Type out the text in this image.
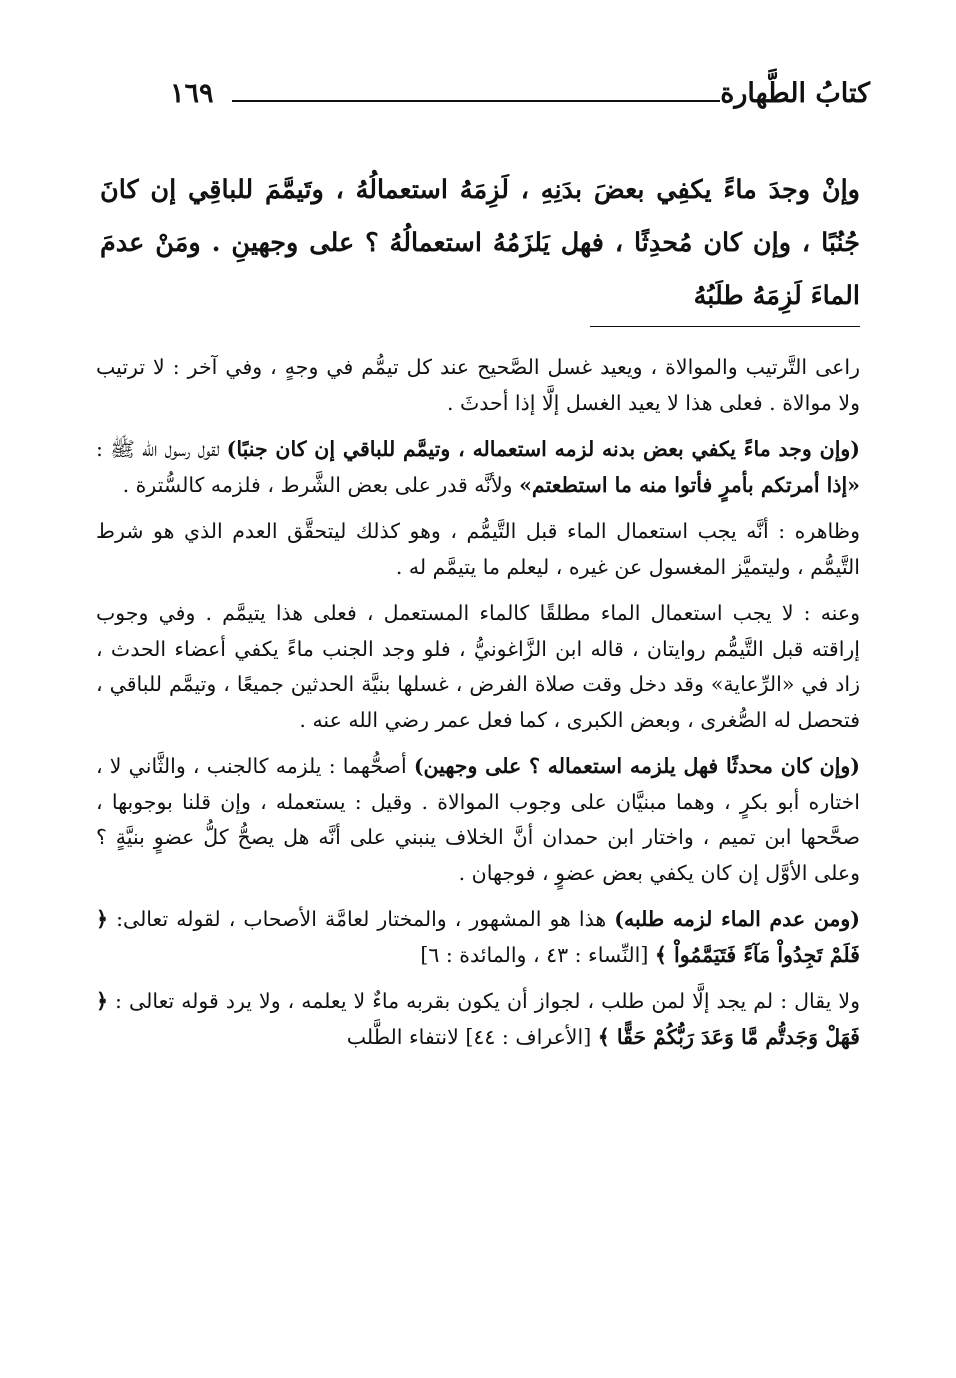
كتابُ الطَّهارة
١٦٩

وإنْ وجدَ ماءً يكفِي بعضَ بدَنِهِ ، لَزِمَهُ استعمالُهُ ، وتَيمَّمَ للباقِي إن كانَ جُنُبًا ، وإن كان مُحدِثًا ، فهل يَلزَمُهُ استعمالُهُ ؟ على وجهينِ . ومَنْ عدمَ الماءَ لَزِمَهُ طلَبُهُ

راعى التَّرتيب والموالاة ، ويعيد غسل الصَّحيح عند كل تيمُّم في وجهٍ ، وفي آخر : لا ترتيب ولا موالاة . فعلى هذا لا يعيد الغسل إلَّا إذا أحدثَ .

(وإن وجد ماءً يكفي بعض بدنه لزمه استعماله ، وتيمَّم للباقي إن كان جنبًا) لقول رسول الله ﷺ : «إذا أمرتكم بأمرٍ فأتوا منه ما استطعتم» ولأنَّه قدر على بعض الشَّرط ، فلزمه كالسُّترة .

وظاهره : أنَّه يجب استعمال الماء قبل التَّيمُّم ، وهو كذلك ليتحقَّق العدم الذي هو شرط التَّيمُّم ، وليتميَّز المغسول عن غيره ، ليعلم ما يتيمَّم له .

وعنه : لا يجب استعمال الماء مطلقًا كالماء المستعمل ، فعلى هذا يتيمَّم . وفي وجوب إراقته قبل التَّيمُّم روايتان ، قاله ابن الزَّاغونيُّ ، فلو وجد الجنب ماءً يكفي أعضاء الحدث ، زاد في «الرِّعاية» وقد دخل وقت صلاة الفرض ، غسلها بنيَّة الحدثين جميعًا ، وتيمَّم للباقي ، فتحصل له الصُّغرى ، وبعض الكبرى ، كما فعل عمر رضي الله عنه .

(وإن كان محدثًا فهل يلزمه استعماله ؟ على وجهين) أصحُّهما : يلزمه كالجنب ، والثَّاني لا ، اختاره أبو بكرٍ ، وهما مبنيَّان على وجوب الموالاة . وقيل : يستعمله ، وإن قلنا بوجوبها ، صحَّحها ابن تميم ، واختار ابن حمدان أنَّ الخلاف ينبني على أنَّه هل يصحُّ كلُّ عضوٍ بنيَّةٍ ؟ وعلى الأوَّل إن كان يكفي بعض عضوٍ ، فوجهان .

(ومن عدم الماء لزمه طلبه) هذا هو المشهور ، والمختار لعامَّة الأصحاب ، لقوله تعالى: ﴿ فَلَمْ تَجِدُواْ مَآءً فَتَيَمَّمُواْ ﴾ [النِّساء : ٤٣ ، والمائدة : ٦]

ولا يقال : لم يجد إلَّا لمن طلب ، لجواز أن يكون بقربه ماءٌ لا يعلمه ، ولا يرد قوله تعالى : ﴿ فَهَلْ وَجَدتُّم مَّا وَعَدَ رَبُّكُمْ حَقًّا ﴾ [الأعراف : ٤٤] لانتفاء الطَّلب
